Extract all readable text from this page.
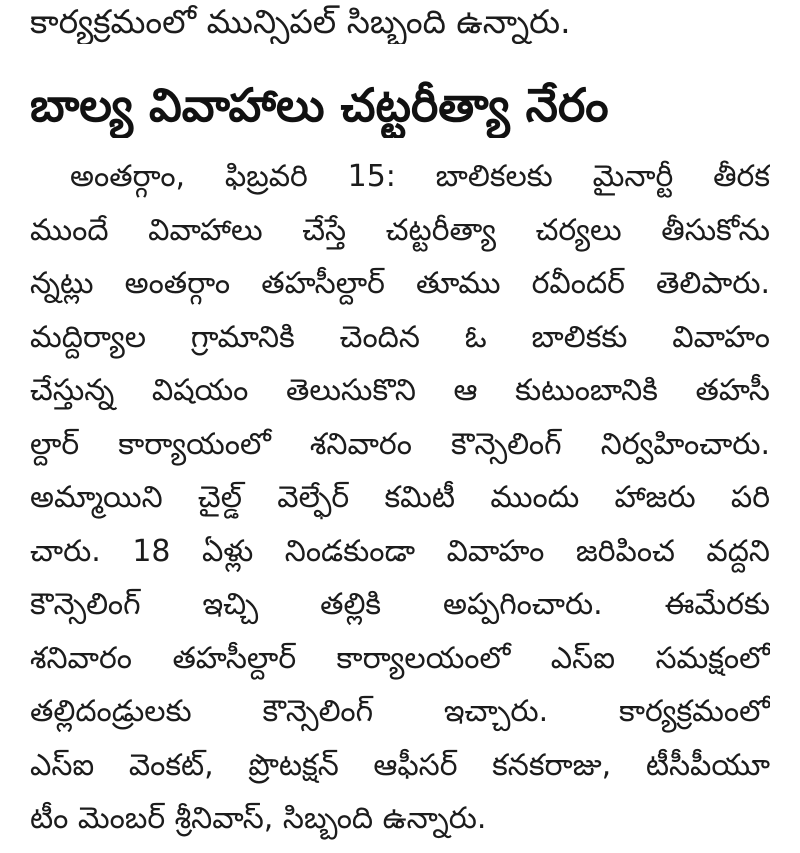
కార్యక్రమంలో మున్సిపల్ సిబ్బంది ఉన్నారు.
బాల్య వివాహాలు చట్టరీత్యా నేరం
అంతర్గాం, ఫిబ్రవరి 15: బాలికలకు మైనార్టీ తీరక
ముందే వివాహాలు చేస్తే చట్టరీత్యా చర్యలు తీసుకోను
న్నట్లు అంతర్గాం తహసీల్దార్ తూము రవీందర్ తెలిపారు.
మద్దిర్యాల గ్రామానికి చెందిన ఓ బాలికకు వివాహం
చేస్తున్న విషయం తెలుసుకొని ఆ కుటుంబానికి తహసీ
ల్దార్ కార్యాయంలో శనివారం కౌన్సెలింగ్ నిర్వహించారు.
అమ్మాయిని చైల్డ్ వెల్ఫేర్ కమిటీ ముందు హాజరు పరి
చారు. 18 ఏళ్లు నిండకుండా వివాహం జరిపించ వద్దని
కౌన్సెలింగ్ ఇచ్చి తల్లికి అప్పగించారు. ఈమేరకు
శనివారం తహసీల్దార్ కార్యాలయంలో ఎస్ఐ సమక్షంలో
తల్లిదండ్రులకు కౌన్సెలింగ్ ఇచ్చారు. కార్యక్రమంలో
ఎస్ఐ వెంకట్, ప్రొటక్షన్ ఆఫీసర్ కనకరాజు, టీసీపీయూ
టీం మెంబర్ శ్రీనివాస్, సిబ్బంది ఉన్నారు.
